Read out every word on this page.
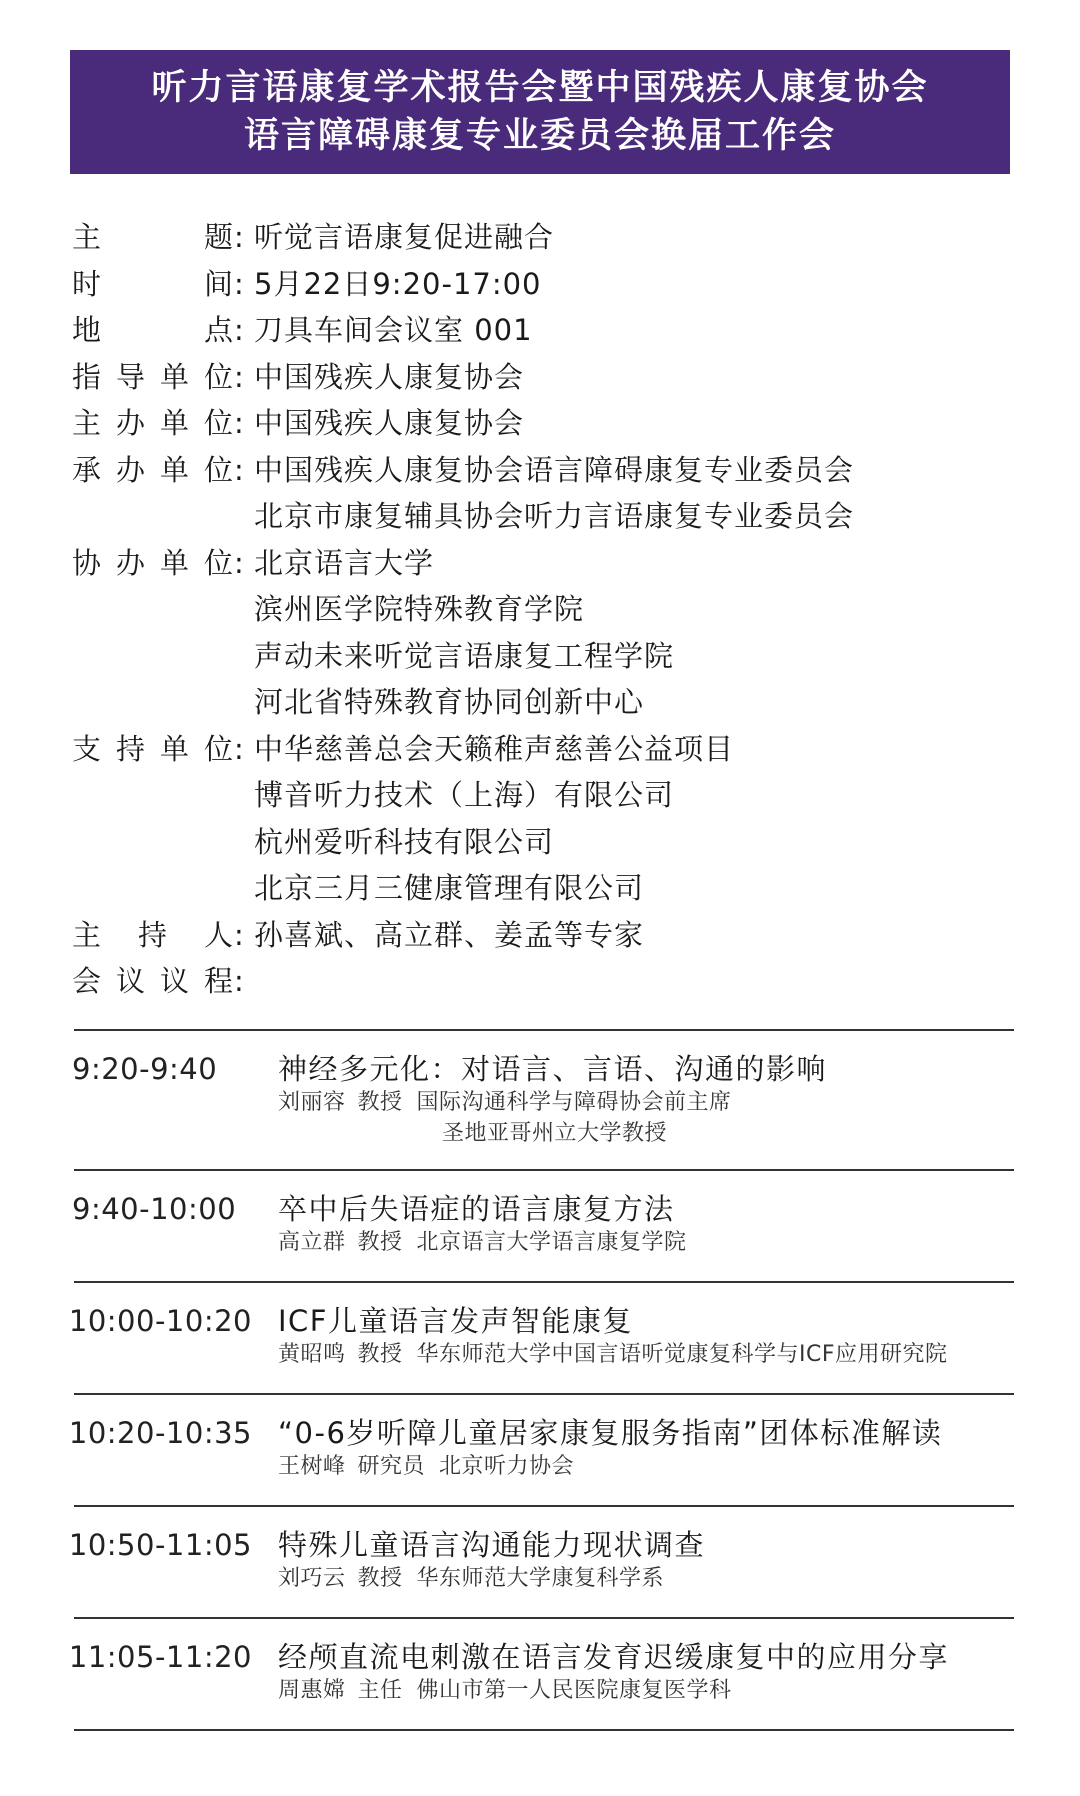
听力言语康复学术报告会暨中国残疾人康复协会
语言障碍康复专业委员会换届工作会
主题 : 听觉言语康复促进融合
时间 : 5月22日9:20-17:00
地点 : 刀具车间会议室 001
指导单位 : 中国残疾人康复协会
主办单位 : 中国残疾人康复协会
承办单位 : 中国残疾人康复协会语言障碍康复专业委员会
北京市康复辅具协会听力言语康复专业委员会
协办单位 : 北京语言大学
滨州医学院特殊教育学院
声动未来听觉言语康复工程学院
河北省特殊教育协同创新中心
支持单位 : 中华慈善总会天籁稚声慈善公益项目
博音听力技术（上海）有限公司
杭州爱听科技有限公司
北京三月三健康管理有限公司
主持人 : 孙喜斌、高立群、姜孟等专家
会议议程 :
9:20-9:40	神经多元化：对语言、言语、沟通的影响
刘丽容 教授 国际沟通科学与障碍协会前主席
圣地亚哥州立大学教授
9:40-10:00	卒中后失语症的语言康复方法
高立群 教授 北京语言大学语言康复学院
10:00-10:20 ICF儿童语言发声智能康复
黄昭鸣 教授 华东师范大学中国言语听觉康复科学与ICF应用研究院
10:20-10:35 “0-6岁听障儿童居家康复服务指南”团体标准解读
王树峰 研究员 北京听力协会
10:50-11:05 特殊儿童语言沟通能力现状调查
刘巧云 教授 华东师范大学康复科学系
11:05-11:20 经颅直流电刺激在语言发育迟缓康复中的应用分享
周惠嫦 主任 佛山市第一人民医院康复医学科
